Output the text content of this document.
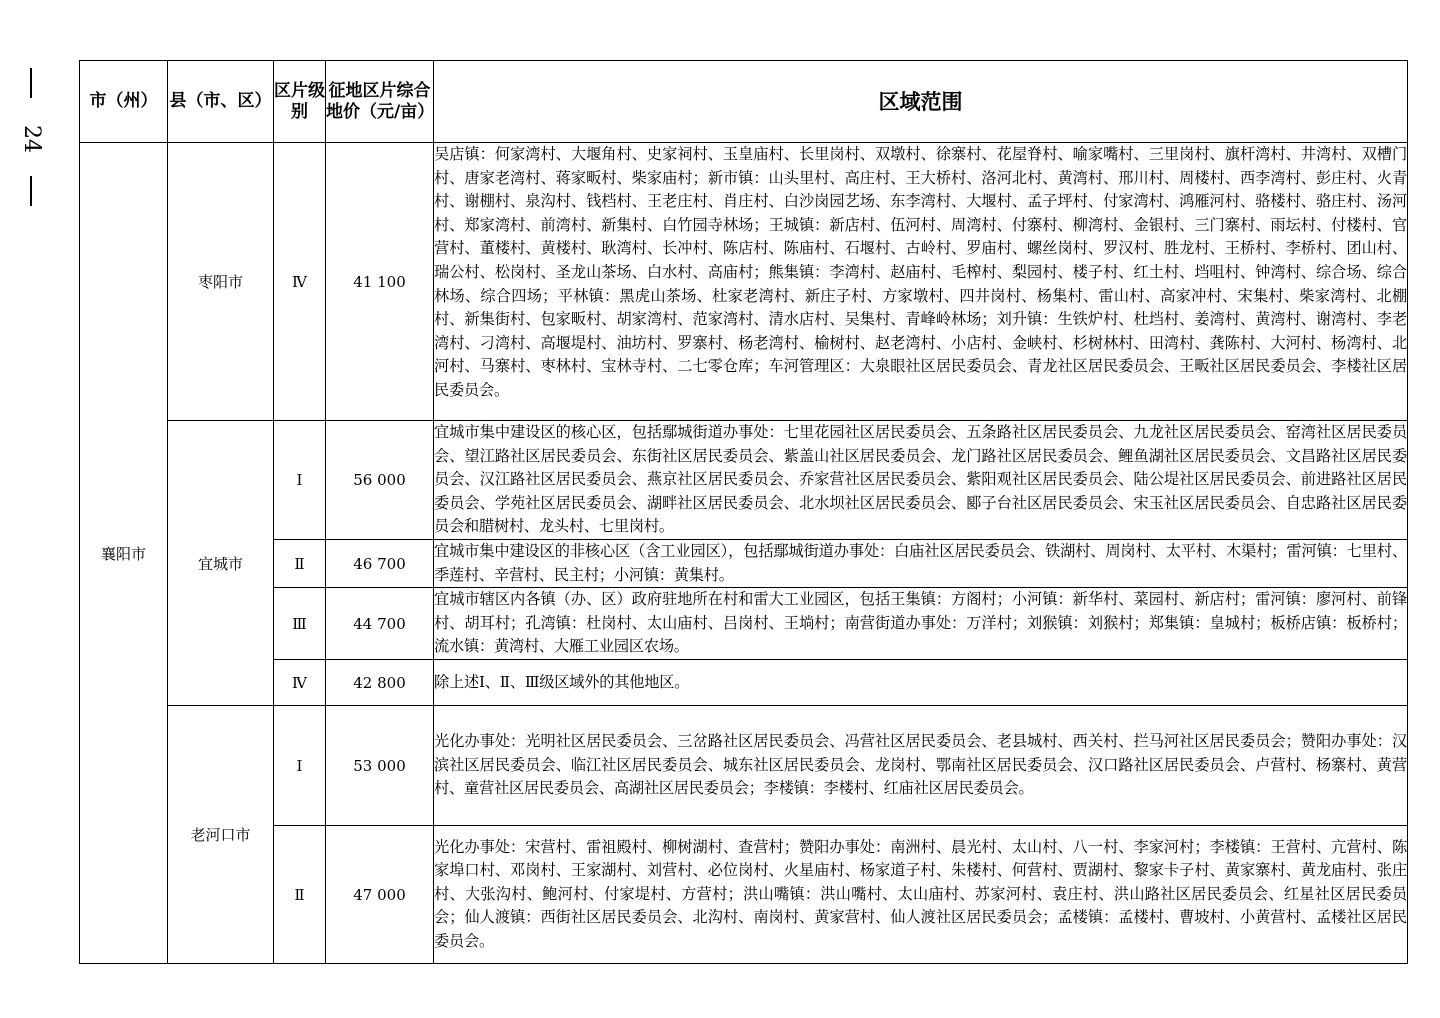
24
市（州）	县（市、区）	区片级别	征地区片综合地价（元/亩）	区域范围
襄阳市	枣阳市	Ⅳ	41 100	吴店镇：何家湾村、大堰角村、史家祠村、玉皇庙村、长里岗村、双墩村、徐寨村、花屋脊村、喻家嘴村、三里岗村、旗杆湾村、井湾村、双槽门村、唐家老湾村、蒋家畈村、柴家庙村；新市镇：山头里村、高庄村、王大桥村、洛河北村、黄湾村、邢川村、周楼村、西李湾村、彭庄村、火青村、谢棚村、泉沟村、钱档村、王老庄村、肖庄村、白沙岗园艺场、东李湾村、大堰村、孟子坪村、付家湾村、鸿雁河村、骆楼村、骆庄村、汤河村、郑家湾村、前湾村、新集村、白竹园寺林场；王城镇：新店村、伍河村、周湾村、付寨村、柳湾村、金银村、三门寨村、雨坛村、付楼村、官营村、董楼村、黄楼村、耿湾村、长冲村、陈店村、陈庙村、石堰村、古岭村、罗庙村、螺丝岗村、罗汉村、胜龙村、王桥村、李桥村、团山村、瑞公村、松岗村、圣龙山茶场、白水村、高庙村；熊集镇：李湾村、赵庙村、毛榨村、梨园村、楼子村、红土村、垱咀村、钟湾村、综合场、综合林场、综合四场；平林镇：黑虎山茶场、杜家老湾村、新庄子村、方家墩村、四井岗村、杨集村、雷山村、高家冲村、宋集村、柴家湾村、北棚村、新集街村、包家畈村、胡家湾村、范家湾村、清水店村、吴集村、青峰岭林场；刘升镇：生铁炉村、杜垱村、姜湾村、黄湾村、谢湾村、李老湾村、刁湾村、高堰堤村、油坊村、罗寨村、杨老湾村、榆树村、赵老湾村、小店村、金峡村、杉树林村、田湾村、龚陈村、大河村、杨湾村、北河村、马寨村、枣林村、宝林寺村、二七零仓库；车河管理区：大泉眼社区居民委员会、青龙社区居民委员会、王畈社区居民委员会、李楼社区居民委员会。
	宜城市	Ⅰ	56 000	宜城市集中建设区的核心区，包括鄢城街道办事处：七里花园社区居民委员会、五条路社区居民委员会、九龙社区居民委员会、窑湾社区居民委员会、望江路社区居民委员会、东街社区居民委员会、紫盖山社区居民委员会、龙门路社区居民委员会、鲤鱼湖社区居民委员会、文昌路社区居民委员会、汉江路社区居民委员会、燕京社区居民委员会、乔家营社区居民委员会、紫阳观社区居民委员会、陆公堤社区居民委员会、前进路社区居民委员会、学苑社区居民委员会、湖畔社区居民委员会、北水坝社区居民委员会、郾子台社区居民委员会、宋玉社区居民委员会、自忠路社区居民委员会和腊树村、龙头村、七里岗村。
		Ⅱ	46 700	宜城市集中建设区的非核心区（含工业园区），包括鄢城街道办事处：白庙社区居民委员会、铁湖村、周岗村、太平村、木渠村；雷河镇：七里村、季莲村、辛营村、民主村；小河镇：黄集村。
		Ⅲ	44 700	宜城市辖区内各镇（办、区）政府驻地所在村和雷大工业园区，包括王集镇：方阁村；小河镇：新华村、菜园村、新店村；雷河镇：廖河村、前锋村、胡耳村；孔湾镇：杜岗村、太山庙村、吕岗村、王埫村；南营街道办事处：万洋村；刘猴镇：刘猴村；郑集镇：皇城村；板桥店镇：板桥村；流水镇：黄湾村、大雁工业园区农场。
		Ⅳ	42 800	除上述Ⅰ、Ⅱ、Ⅲ级区域外的其他地区。
	老河口市	Ⅰ	53 000	光化办事处：光明社区居民委员会、三岔路社区居民委员会、冯营社区居民委员会、老县城村、西关村、拦马河社区居民委员会；赞阳办事处：汉滨社区居民委员会、临江社区居民委员会、城东社区居民委员会、龙岗村、鄂南社区居民委员会、汉口路社区居民委员会、卢营村、杨寨村、黄营村、童营社区居民委员会、高湖社区居民委员会；李楼镇：李楼村、红庙社区居民委员会。
		Ⅱ	47 000	光化办事处：宋营村、雷祖殿村、柳树湖村、查营村；赞阳办事处：南洲村、晨光村、太山村、八一村、李家河村；李楼镇：王营村、亢营村、陈家埠口村、邓岗村、王家湖村、刘营村、必位岗村、火星庙村、杨家道子村、朱楼村、何营村、贾湖村、黎家卡子村、黄家寨村、黄龙庙村、张庄村、大张沟村、鲍河村、付家堤村、方营村；洪山嘴镇：洪山嘴村、太山庙村、苏家河村、袁庄村、洪山路社区居民委员会、红星社区居民委员会；仙人渡镇：西街社区居民委员会、北沟村、南岗村、黄家营村、仙人渡社区居民委员会；孟楼镇：孟楼村、曹坡村、小黄营村、孟楼社区居民委员会。
